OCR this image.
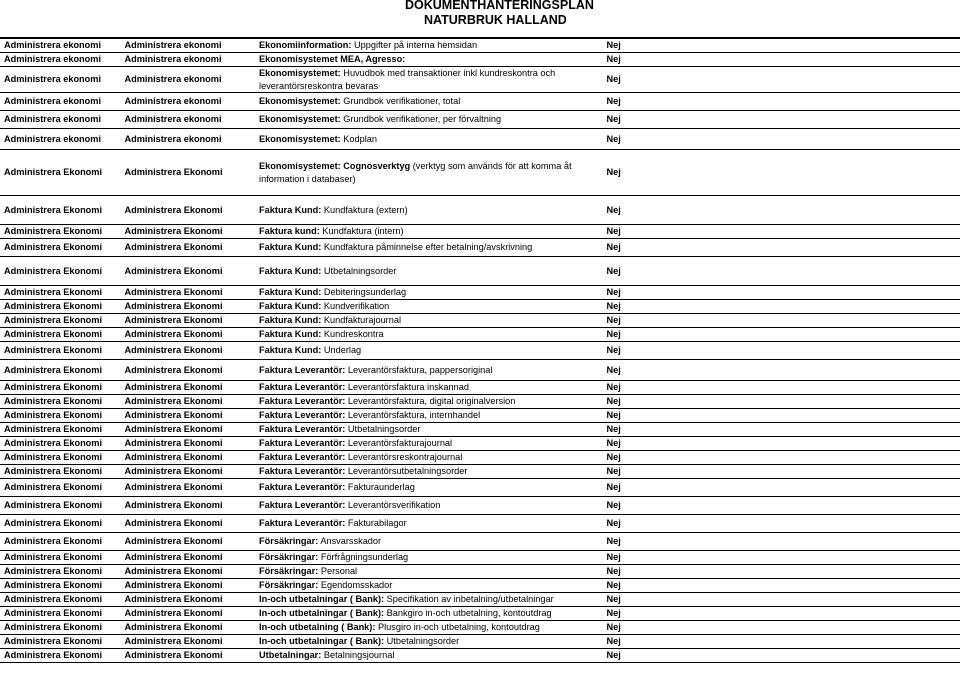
DOKUMENTHANTERINGSPLAN
NATURBRUK HALLAND
Administrera ekonomi	Administrera ekonomi	Ekonomiinformation: Uppgifter på interna hemsidan	Nej
Administrera ekonomi	Administrera ekonomi	Ekonomisystemet MEA, Agresso:	Nej
Administrera ekonomi	Administrera ekonomi	Ekonomisystemet: Huvudbok med transaktioner inkl kundreskontra och leverantörsreskontra bevaras	Nej
Administrera ekonomi	Administrera ekonomi	Ekonomisystemet: Grundbok verifikationer, total	Nej
Administrera ekonomi	Administrera ekonomi	Ekonomisystemet: Grundbok verifikationer, per förvaltning	Nej
Administrera ekonomi	Administrera ekonomi	Ekonomisystemet: Kodplan	Nej
Administrera Ekonomi	Administrera Ekonomi	Ekonomisystemet: Cognosverktyg (verktyg som används för att komma åt information i databaser)	Nej
Administrera Ekonomi	Administrera Ekonomi	Faktura Kund: Kundfaktura (extern)	Nej
Administrera Ekonomi	Administrera Ekonomi	Faktura kund: Kundfaktura (intern)	Nej
Administrera Ekonomi	Administrera Ekonomi	Faktura Kund: Kundfaktura påminnelse efter betalning/avskrivning	Nej
Administrera Ekonomi	Administrera Ekonomi	Faktura Kund: Utbetalningsorder	Nej
Administrera Ekonomi	Administrera Ekonomi	Faktura Kund: Debiteringsunderlag	Nej
Administrera Ekonomi	Administrera Ekonomi	Faktura Kund: Kundverifikation	Nej
Administrera Ekonomi	Administrera Ekonomi	Faktura Kund: Kundfakturajournal	Nej
Administrera Ekonomi	Administrera Ekonomi	Faktura Kund: Kundreskontra	Nej
Administrera Ekonomi	Administrera Ekonomi	Faktura Kund: Underlag	Nej
Administrera Ekonomi	Administrera Ekonomi	Faktura Leverantör: Leverantörsfaktura, pappersoriginal	Nej
Administrera Ekonomi	Administrera Ekonomi	Faktura Leverantör: Leverantörsfaktura inskannad	Nej
Administrera Ekonomi	Administrera Ekonomi	Faktura Leverantör: Leverantörsfaktura, digital originalversion	Nej
Administrera Ekonomi	Administrera Ekonomi	Faktura Leverantör: Leverantörsfaktura, internhandel	Nej
Administrera Ekonomi	Administrera Ekonomi	Faktura Leverantör: Utbetalningsorder	Nej
Administrera Ekonomi	Administrera Ekonomi	Faktura Leverantör: Leverantörsfakturajournal	Nej
Administrera Ekonomi	Administrera Ekonomi	Faktura Leverantör: Leverantörsreskontrajournal	Nej
Administrera Ekonomi	Administrera Ekonomi	Faktura Leverantör: Leverantörsutbetalningsorder	Nej
Administrera Ekonomi	Administrera Ekonomi	Faktura Leverantör: Fakturaunderlag	Nej
Administrera Ekonomi	Administrera Ekonomi	Faktura Leverantör: Leverantörsverifikation	Nej
Administrera Ekonomi	Administrera Ekonomi	Faktura Leverantör: Fakturabilagor	Nej
Administrera Ekonomi	Administrera Ekonomi	Försäkringar: Ansvarsskador	Nej
Administrera Ekonomi	Administrera Ekonomi	Försäkringar: Förfrågningsunderlag	Nej
Administrera Ekonomi	Administrera Ekonomi	Försäkringar: Personal	Nej
Administrera Ekonomi	Administrera Ekonomi	Försäkringar: Egendomsskador	Nej
Administrera Ekonomi	Administrera Ekonomi	In-och utbetalningar ( Bank): Specifikation av inbetalning/utbetalningar	Nej
Administrera Ekonomi	Administrera Ekonomi	In-och utbetalningar ( Bank): Bankgiro in-och utbetalning, kontoutdrag	Nej
Administrera Ekonomi	Administrera Ekonomi	In-och utbetalning ( Bank): Plusgiro in-och utbetalning, kontoutdrag	Nej
Administrera Ekonomi	Administrera Ekonomi	In-och utbetalningar ( Bank): Utbetalningsorder	Nej
Administrera Ekonomi	Administrera Ekonomi	Utbetalningar: Betalningsjournal	Nej
